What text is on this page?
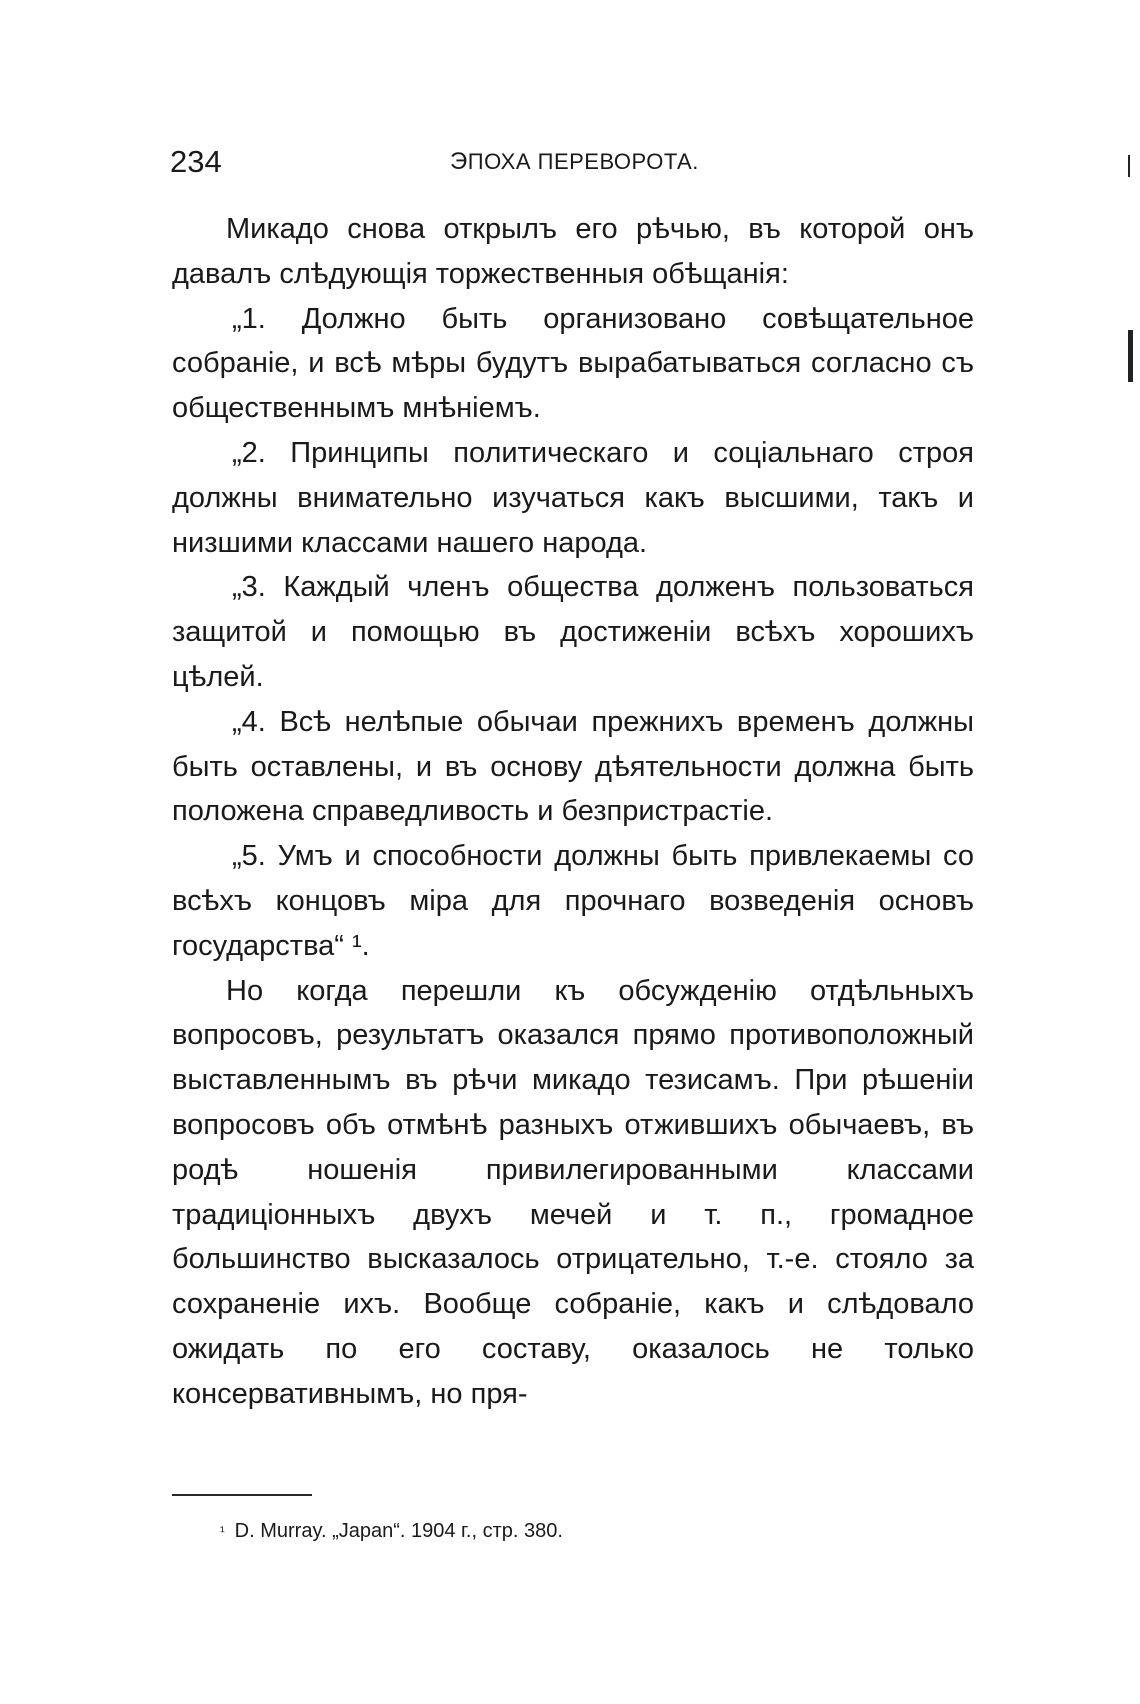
234	ЭПОХА ПЕРЕВОРОТА.

Микадо снова открылъ его рѣчью, въ которой онъ давалъ слѣдующія торжественныя обѣщанія:

„1. Должно быть организовано совѣщательное собраніе, и всѣ мѣры будутъ вырабатываться согласно съ общественнымъ мнѣніемъ.

„2. Принципы политическаго и соціальнаго строя должны внимательно изучаться какъ высшими, такъ и низшими классами нашего народа.

„3. Каждый членъ общества долженъ пользоваться защитой и помощью въ достиженіи всѣхъ хорошихъ цѣлей.

„4. Всѣ нелѣпые обычаи прежнихъ временъ должны быть оставлены, и въ основу дѣятельности должна быть положена справедливость и безпристрастіе.

„5. Умъ и способности должны быть привлекаемы со всѣхъ концовъ міра для прочнаго возведенія основъ государства“ ¹.

Но когда перешли къ обсужденію отдѣльныхъ вопросовъ, результатъ оказался прямо противоположный выставленнымъ въ рѣчи микадо тезисамъ. При рѣшеніи вопросовъ объ отмѣнѣ разныхъ отжившихъ обычаевъ, въ родѣ ношенія привилегированными классами традиціонныхъ двухъ мечей и т. п., громадное большинство высказалось отрицательно, т.-е. стояло за сохраненіе ихъ. Вообще собраніе, какъ и слѣдовало ожидать по его составу, оказалось не только консервативнымъ, но пря-

$^{^1}$ D. Murray. „Japan“. 1904 г., стр. 380.
